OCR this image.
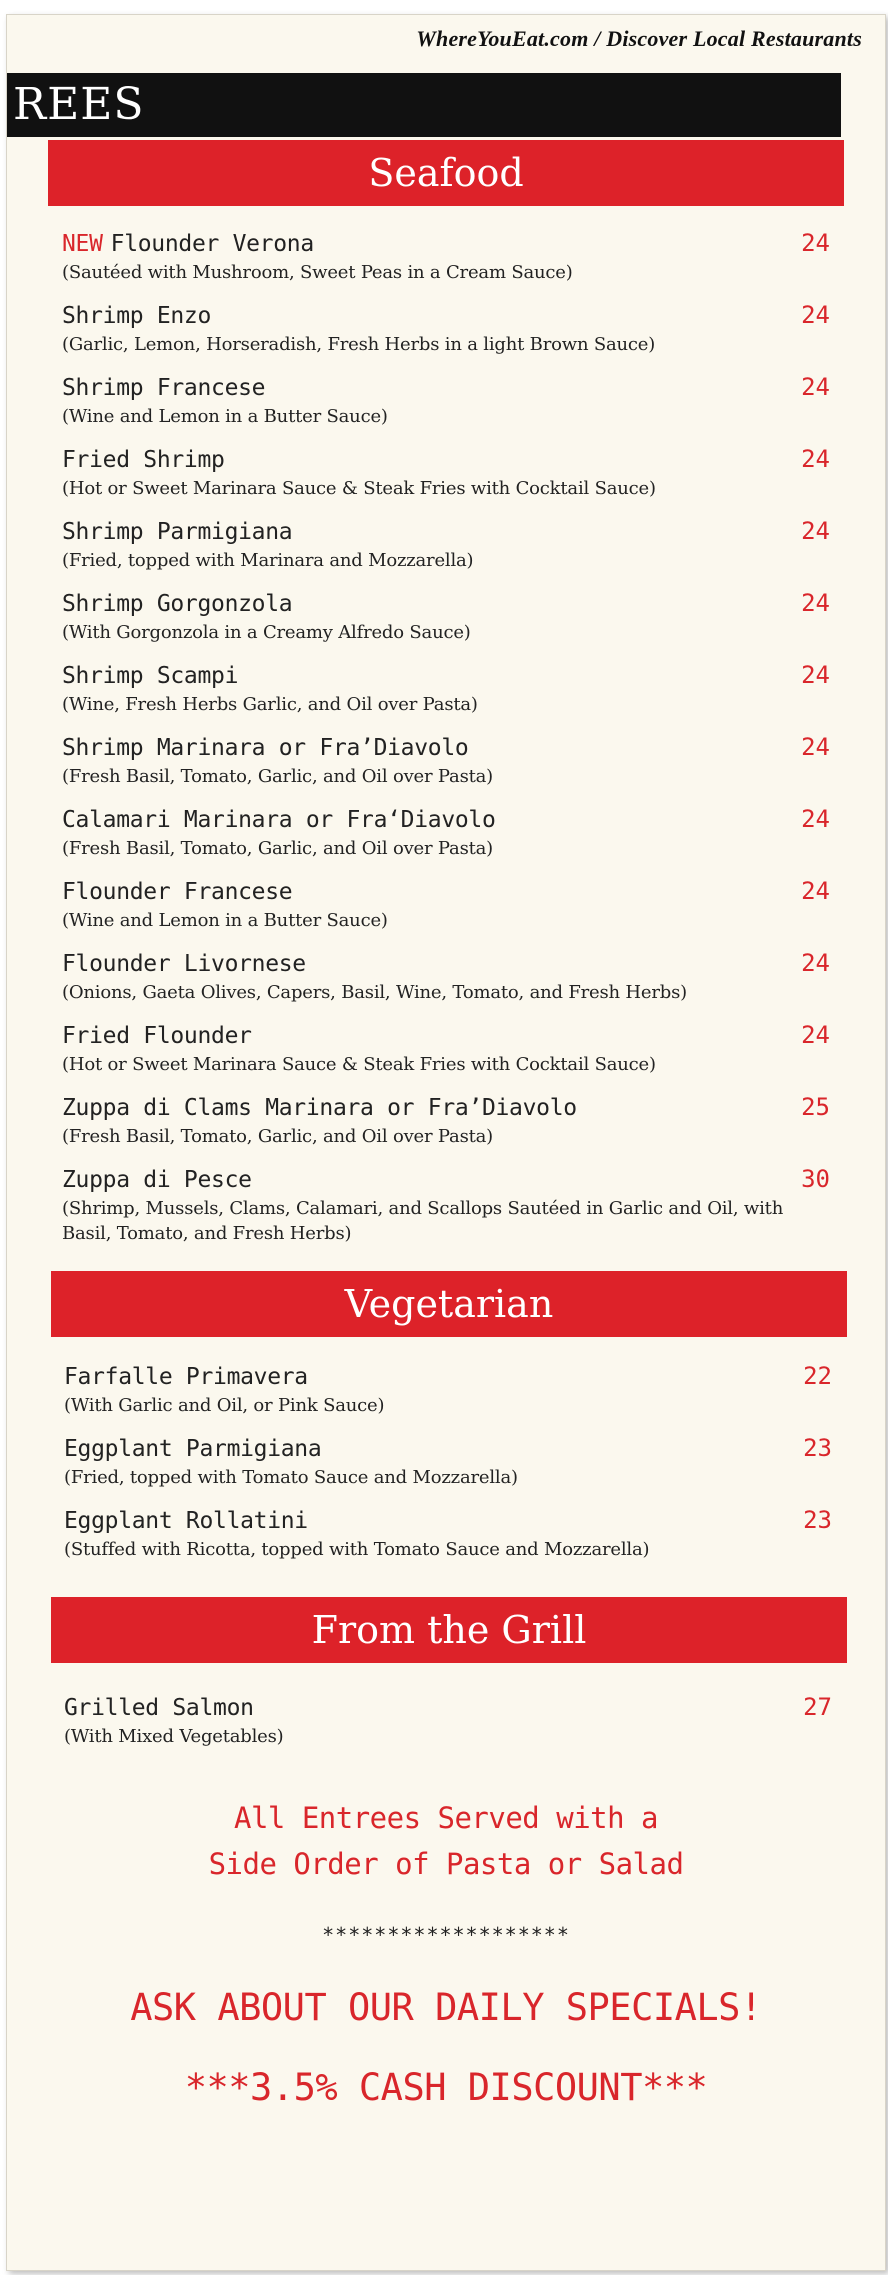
REES
Seafood
NEW Flounder Verona	24
(Sautéed with Mushroom, Sweet Peas in a Cream Sauce)
Shrimp Enzo	24
(Garlic, Lemon, Horseradish, Fresh Herbs in a light Brown Sauce)
Shrimp Francese	24
(Wine and Lemon in a Butter Sauce)
Fried Shrimp	24
(Hot or Sweet Marinara Sauce & Steak Fries with Cocktail Sauce)
Shrimp Parmigiana	24
(Fried, topped with Marinara and Mozzarella)
Shrimp Gorgonzola	24
(With Gorgonzola in a Creamy Alfredo Sauce)
Shrimp Scampi	24
(Wine, Fresh Herbs Garlic, and Oil over Pasta)
Shrimp Marinara or Fra’Diavolo	24
(Fresh Basil, Tomato, Garlic, and Oil over Pasta)
Calamari Marinara or Fra‘Diavolo	24
(Fresh Basil, Tomato, Garlic, and Oil over Pasta)
Flounder Francese	24
(Wine and Lemon in a Butter Sauce)
Flounder Livornese	24
(Onions, Gaeta Olives, Capers, Basil, Wine, Tomato, and Fresh Herbs)
Fried Flounder	24
(Hot or Sweet Marinara Sauce & Steak Fries with Cocktail Sauce)
Zuppa di Clams Marinara or Fra’Diavolo	25
(Fresh Basil, Tomato, Garlic, and Oil over Pasta)
Zuppa di Pesce	30
(Shrimp, Mussels, Clams, Calamari, and Scallops Sautéed in Garlic and Oil, with Basil, Tomato, and Fresh Herbs)
Vegetarian
Farfalle Primavera	22
(With Garlic and Oil, or Pink Sauce)
Eggplant Parmigiana	23
(Fried, topped with Tomato Sauce and Mozzarella)
Eggplant Rollatini	23
(Stuffed with Ricotta, topped with Tomato Sauce and Mozzarella)
From the Grill
Grilled Salmon	27
(With Mixed Vegetables)
All Entrees Served with a
Side Order of Pasta or Salad
*******************
ASK ABOUT OUR DAILY SPECIALS!
***3.5% CASH DISCOUNT***
WhereYouEat.com / Discover Local Restaurants
